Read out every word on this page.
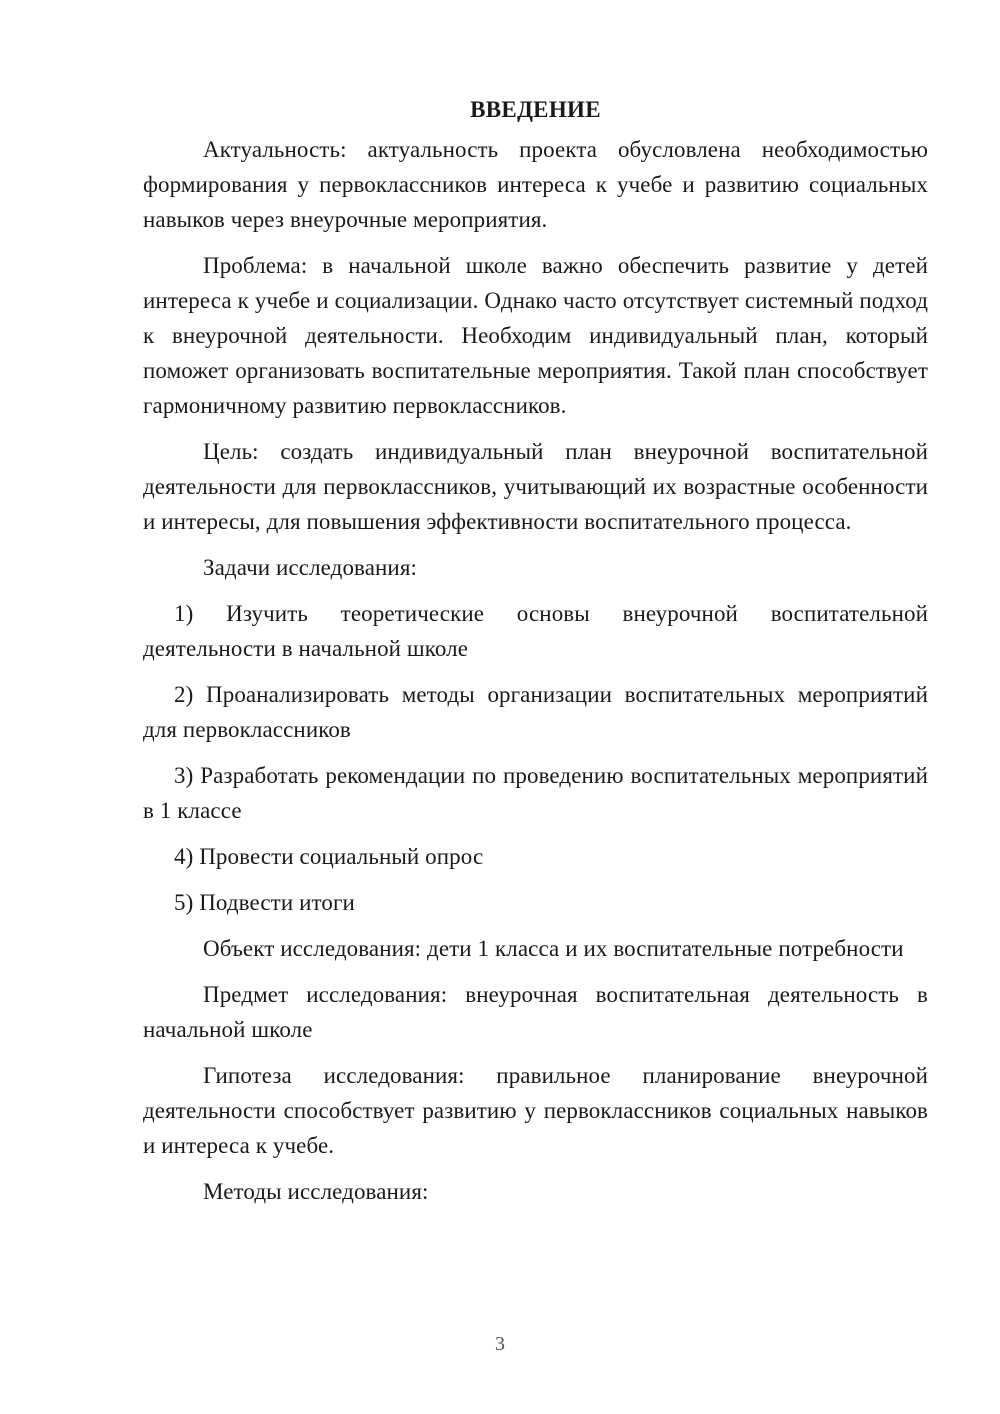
ВВЕДЕНИЕ

Актуальность: актуальность проекта обусловлена необходимостью формирования у первоклассников интереса к учебе и развитию социальных навыков через внеурочные мероприятия.

Проблема: в начальной школе важно обеспечить развитие у детей интереса к учебе и социализации. Однако часто отсутствует системный подход к внеурочной деятельности. Необходим индивидуальный план, который поможет организовать воспитательные мероприятия. Такой план способствует гармоничному развитию первоклассников.

Цель: создать индивидуальный план внеурочной воспитательной деятельности для первоклассников, учитывающий их возрастные особенности и интересы, для повышения эффективности воспитательного процесса.

Задачи исследования:

1) Изучить теоретические основы внеурочной воспитательной деятельности в начальной школе

2) Проанализировать методы организации воспитательных мероприятий для первоклассников

3) Разработать рекомендации по проведению воспитательных мероприятий в 1 классе

4) Провести социальный опрос

5) Подвести итоги

Объект исследования: дети 1 класса и их воспитательные потребности

Предмет исследования: внеурочная воспитательная деятельность в начальной школе

Гипотеза исследования: правильное планирование внеурочной деятельности способствует развитию у первоклассников социальных навыков и интереса к учебе.

Методы исследования:

3
